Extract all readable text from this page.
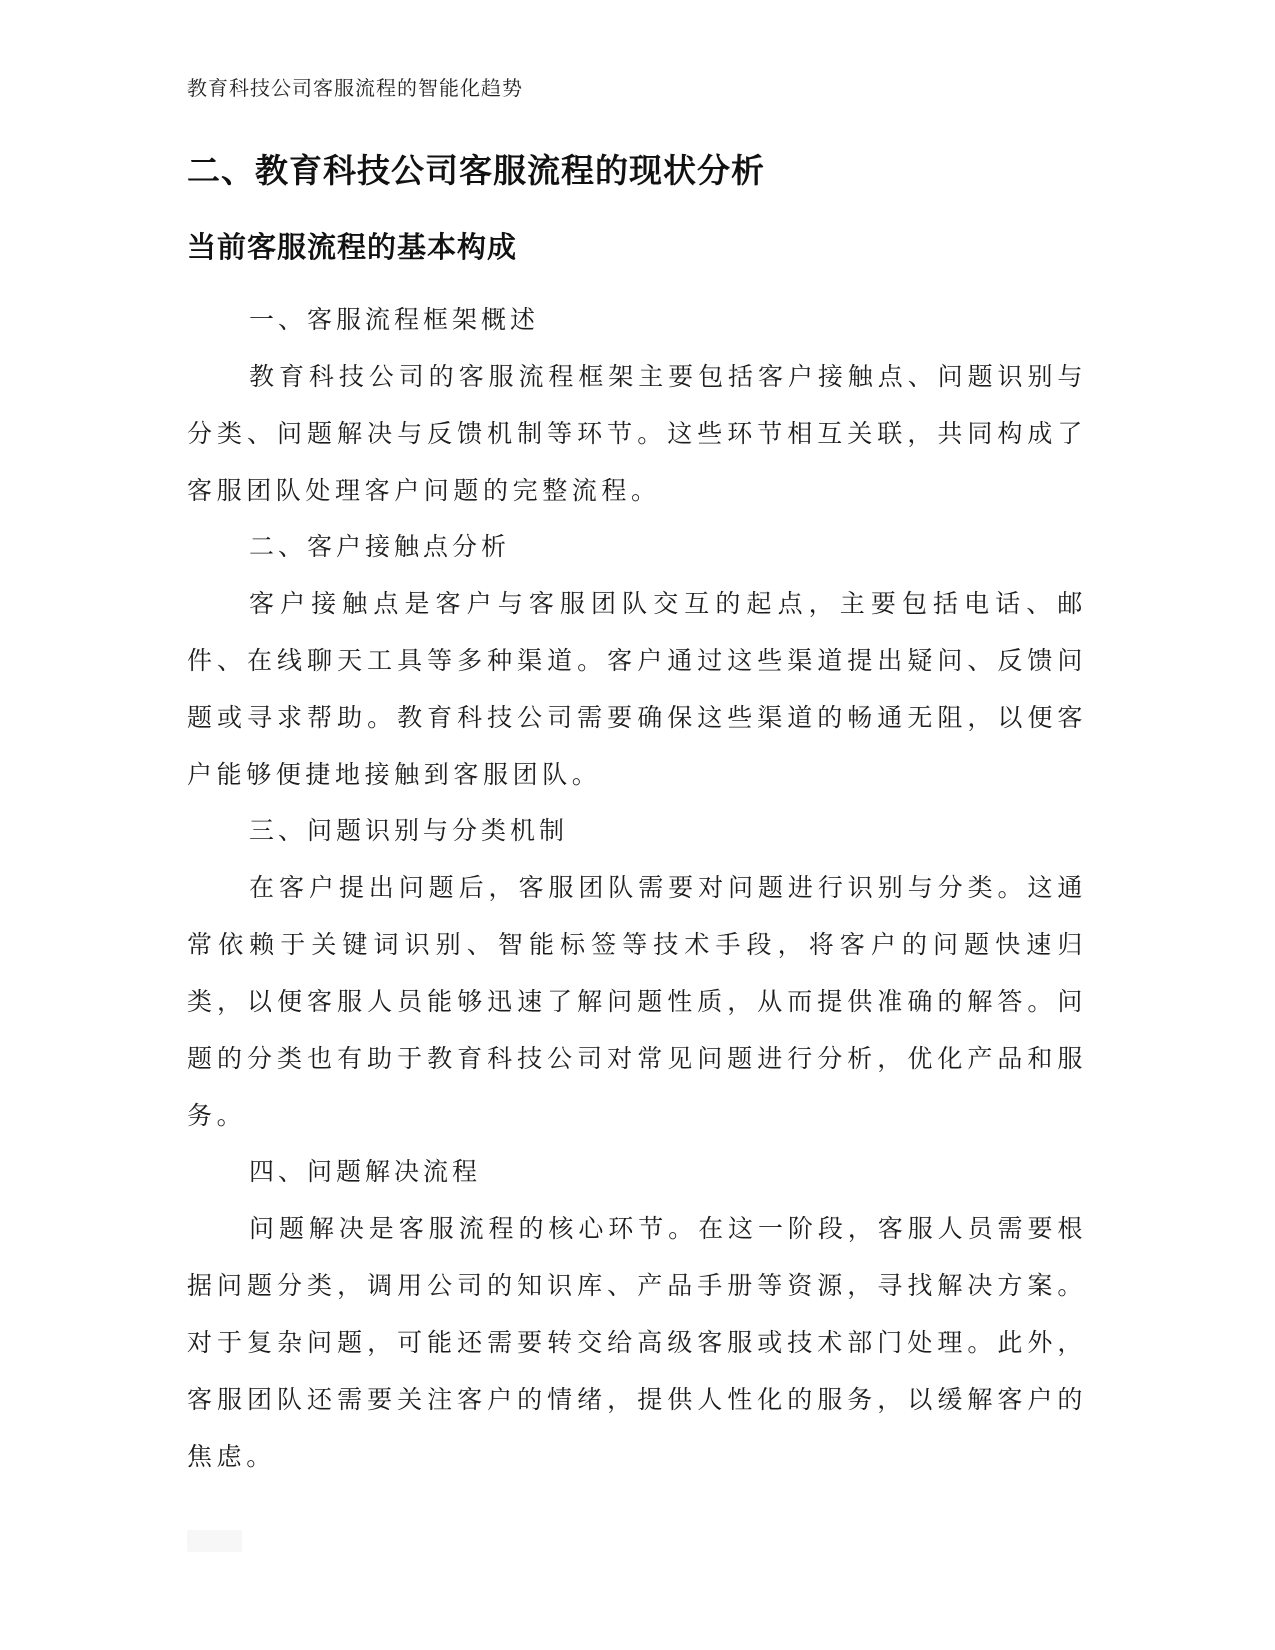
教育科技公司客服流程的智能化趋势
二、教育科技公司客服流程的现状分析
当前客服流程的基本构成

一、客服流程框架概述

教育科技公司的客服流程框架主要包括客户接触点、问题识别与分类、问题解决与反馈机制等环节。这些环节相互关联，共同构成了客服团队处理客户问题的完整流程。

二、客户接触点分析

客户接触点是客户与客服团队交互的起点，主要包括电话、邮件、在线聊天工具等多种渠道。客户通过这些渠道提出疑问、反馈问题或寻求帮助。教育科技公司需要确保这些渠道的畅通无阻，以便客户能够便捷地接触到客服团队。

三、问题识别与分类机制

在客户提出问题后，客服团队需要对问题进行识别与分类。这通常依赖于关键词识别、智能标签等技术手段，将客户的问题快速归类，以便客服人员能够迅速了解问题性质，从而提供准确的解答。问题的分类也有助于教育科技公司对常见问题进行分析，优化产品和服务。

四、问题解决流程

问题解决是客服流程的核心环节。在这一阶段，客服人员需要根据问题分类，调用公司的知识库、产品手册等资源，寻找解决方案。对于复杂问题，可能还需要转交给高级客服或技术部门处理。此外，客服团队还需要关注客户的情绪，提供人性化的服务，以缓解客户的焦虑。
